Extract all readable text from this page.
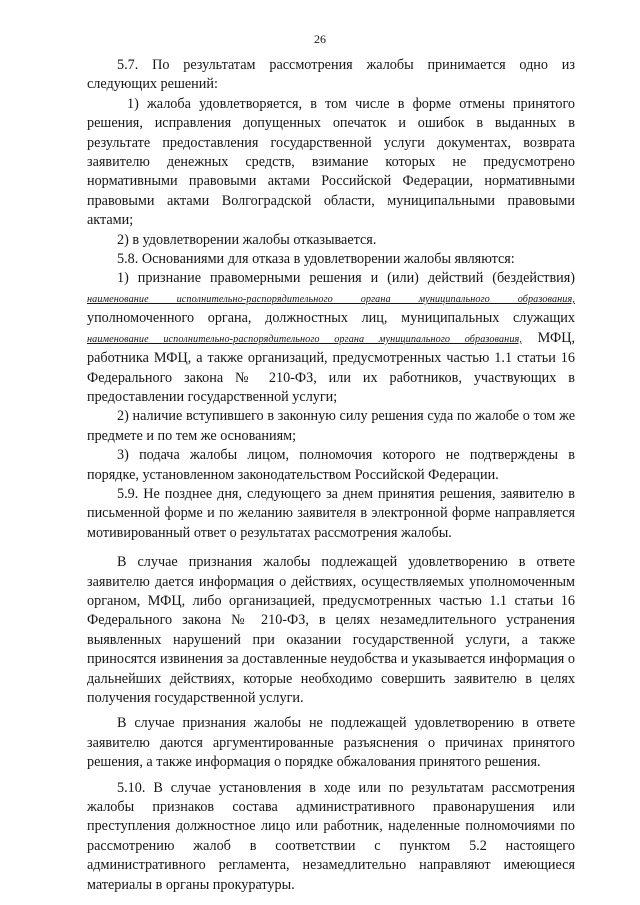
26

5.7. По результатам рассмотрения жалобы принимается одно из следующих решений:

1) жалоба удовлетворяется, в том числе в форме отмены принятого решения, исправления допущенных опечаток и ошибок в выданных в результате предоставления государственной услуги документах, возврата заявителю денежных средств, взимание которых не предусмотрено нормативными правовыми актами Российской Федерации, нормативными правовыми актами Волгоградской области, муниципальными правовыми актами;

2) в удовлетворении жалобы отказывается.

5.8. Основаниями для отказа в удовлетворении жалобы являются:

1) признание правомерными решения и (или) действий (бездействия) наименование исполнительно-распорядительного органа муниципального образования, уполномоченного органа, должностных лиц, муниципальных служащих наименование исполнительно-распорядительного органа муниципального образования, МФЦ, работника МФЦ, а также организаций, предусмотренных частью 1.1 статьи 16 Федерального закона № 210-ФЗ, или их работников, участвующих в предоставлении государственной услуги;

2) наличие вступившего в законную силу решения суда по жалобе о том же предмете и по тем же основаниям;

3) подача жалобы лицом, полномочия которого не подтверждены в порядке, установленном законодательством Российской Федерации.

5.9. Не позднее дня, следующего за днем принятия решения, заявителю в письменной форме и по желанию заявителя в электронной форме направляется мотивированный ответ о результатах рассмотрения жалобы.

В случае признания жалобы подлежащей удовлетворению в ответе заявителю дается информация о действиях, осуществляемых уполномоченным органом, МФЦ, либо организацией, предусмотренных частью 1.1 статьи 16 Федерального закона № 210-ФЗ, в целях незамедлительного устранения выявленных нарушений при оказании государственной услуги, а также приносятся извинения за доставленные неудобства и указывается информация о дальнейших действиях, которые необходимо совершить заявителю в целях получения государственной услуги.

В случае признания жалобы не подлежащей удовлетворению в ответе заявителю даются аргументированные разъяснения о причинах принятого решения, а также информация о порядке обжалования принятого решения.

5.10. В случае установления в ходе или по результатам рассмотрения жалобы признаков состава административного правонарушения или преступления должностное лицо или работник, наделенные полномочиями по рассмотрению жалоб в соответствии с пунктом 5.2 настоящего административного регламента, незамедлительно направляют имеющиеся материалы в органы прокуратуры.
